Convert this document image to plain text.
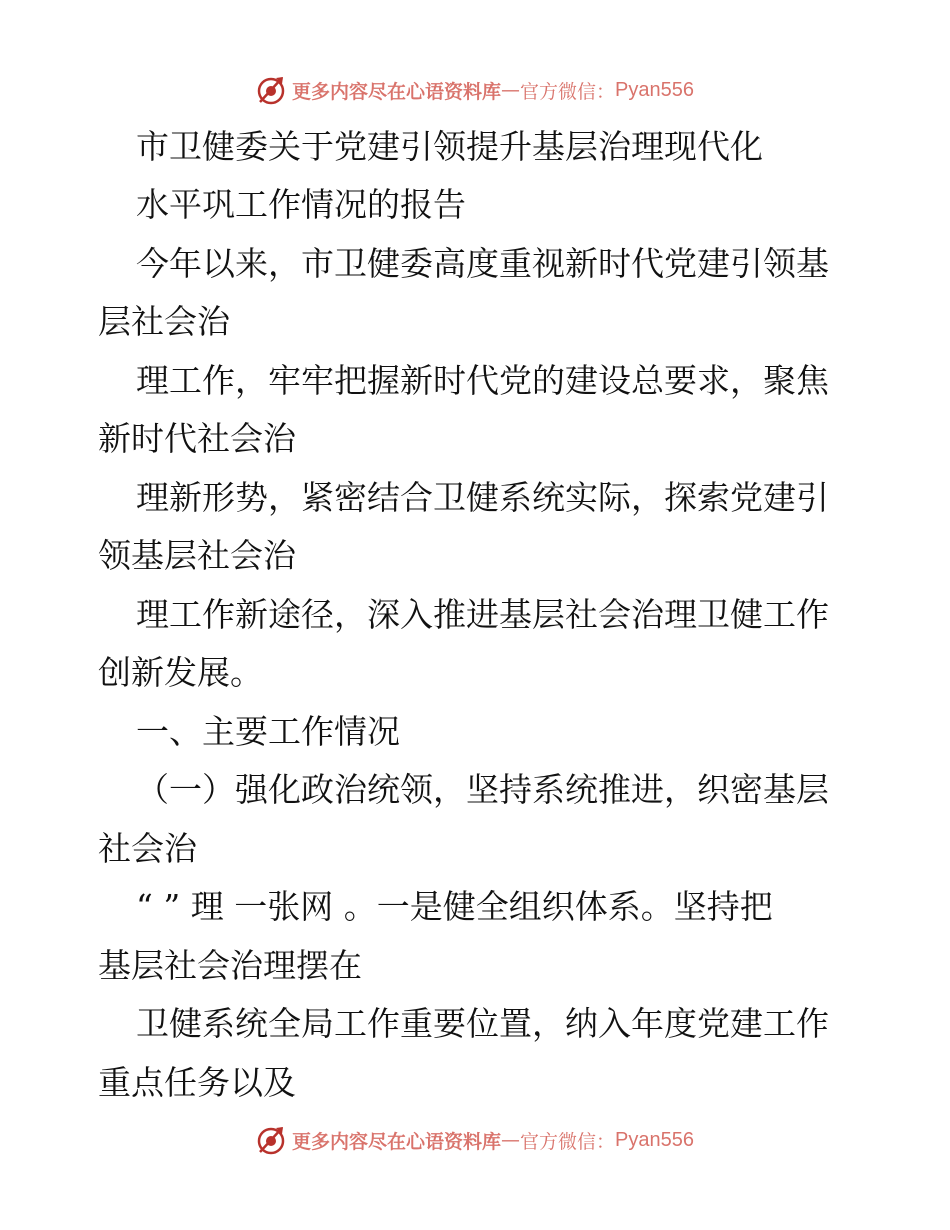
更多内容尽在心语资料库 — 官方微信： Pyan556
市卫健委关于党建引领提升基层治理现代化
水平巩工作情况的报告
今年以来，市卫健委高度重视新时代党建引领基
层社会治
理工作，牢牢把握新时代党的建设总要求，聚焦
新时代社会治
理新形势，紧密结合卫健系统实际，探索党建引
领基层社会治
理工作新途径，深入推进基层社会治理卫健工作
创新发展。
一、主要工作情况
（一）强化政治统领，坚持系统推进，织密基层
社会治
“ ” 理 一张网 。一是健全组织体系。坚持把
基层社会治理摆在
卫健系统全局工作重要位置，纳入年度党建工作
重点任务以及
更多内容尽在心语资料库 — 官方微信： Pyan556
